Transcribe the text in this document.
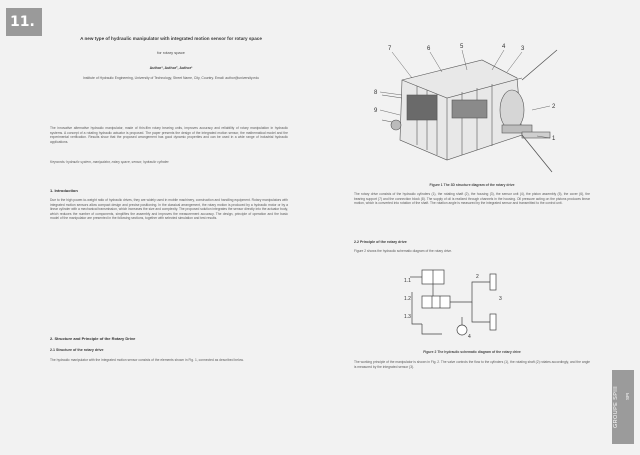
11.
A new type of hydraulic manipulator with integrated motion sensor for rotary space
for rotary space
Author¹, Author², Author³
Institute of Hydraulic Engineering, University of Technology, Street Name, City, Country. Email: author@university.edu

The innovative alternative hydraulic manipulator, made of thin-film rotary bearing units, improves accuracy and reliability of rotary manipulation in hydraulic systems. A concept of a rotating hydraulic actuator is proposed. The paper presents the design of the integrated motion sensor, the mathematical model and the experimental verification. Results show that the proposed arrangement has good dynamic properties and can be used in a wide range of industrial hydraulic applications.

Keywords: hydraulic system, manipulator, rotary space, sensor, hydraulic cylinder.

1. Introduction

Due to the high power-to-weight ratio of hydraulic drives, they are widely used in mobile machinery, construction and handling equipment. Rotary manipulators with integrated motion sensors allow compact design and precise positioning. In the classical arrangement, the rotary motion is produced by a hydraulic motor or by a linear cylinder with a mechanical transmission, which increases the size and complexity. The proposed solution integrates the sensor directly into the actuator body, which reduces the number of components, simplifies the assembly and improves the measurement accuracy. The design, principle of operation and the basic model of the manipulator are presented in the following sections, together with selected simulation and test results.

2. Structure and Principle of the Rotary Drive

2.1 Structure of the rotary drive

The hydraulic manipulator with the integrated motion sensor consists of the elements shown in Fig. 1, connected as described below.

7	6	5	4	3
8
9
2
1

Figure 1 The 3D structure diagram of the rotary drive

The rotary drive consists of the hydraulic cylinders (1), the rotating shaft (2), the housing (3), the sensor unit (4), the piston assembly (5), the cover (6), the bearing support (7) and the connection block (8). The supply of oil is realized through channels in the housing. Oil pressure acting on the pistons produces linear motion, which is converted into rotation of the shaft. The rotation angle is measured by the integrated sensor and transmitted to the control unit.

2.2 Principle of the rotary drive

Figure 2 shows the hydraulic schematic diagram of the rotary drive.

1.1
1.2
1.3
2
3
4

Figure 2 The hydraulic schematic diagram of the rotary drive

The working principle of the manipulator is shown in Fig. 2. The valve controls the flow to the cylinders (1), the rotating shaft (2) rotates accordingly, and the angle is measured by the integrated sensor (3).

GROUPE SPIII SPI
